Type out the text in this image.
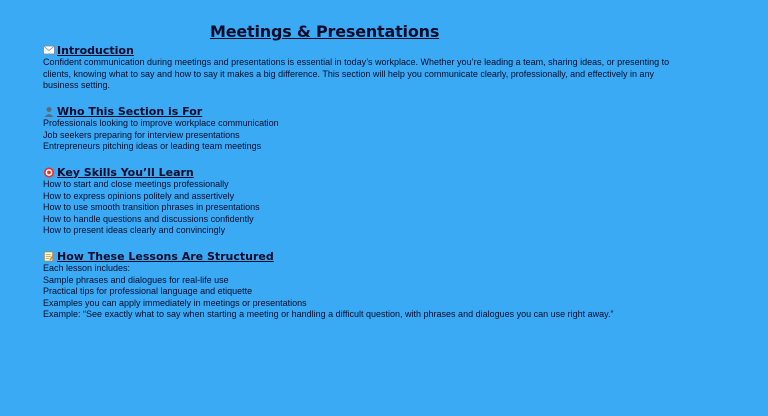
Meetings & Presentations
Introduction
Confident communication during meetings and presentations is essential in today’s workplace. Whether you’re leading a team, sharing ideas, or presenting to clients, knowing what to say and how to say it makes a big difference. This section will help you communicate clearly, professionally, and effectively in any business setting.
Who This Section is For
Professionals looking to improve workplace communication
Job seekers preparing for interview presentations
Entrepreneurs pitching ideas or leading team meetings
Key Skills You’ll Learn
How to start and close meetings professionally
How to express opinions politely and assertively
How to use smooth transition phrases in presentations
How to handle questions and discussions confidently
How to present ideas clearly and convincingly
How These Lessons Are Structured
Each lesson includes:
Sample phrases and dialogues for real-life use
Practical tips for professional language and etiquette
Examples you can apply immediately in meetings or presentations
Example: “See exactly what to say when starting a meeting or handling a difficult question, with phrases and dialogues you can use right away.”
